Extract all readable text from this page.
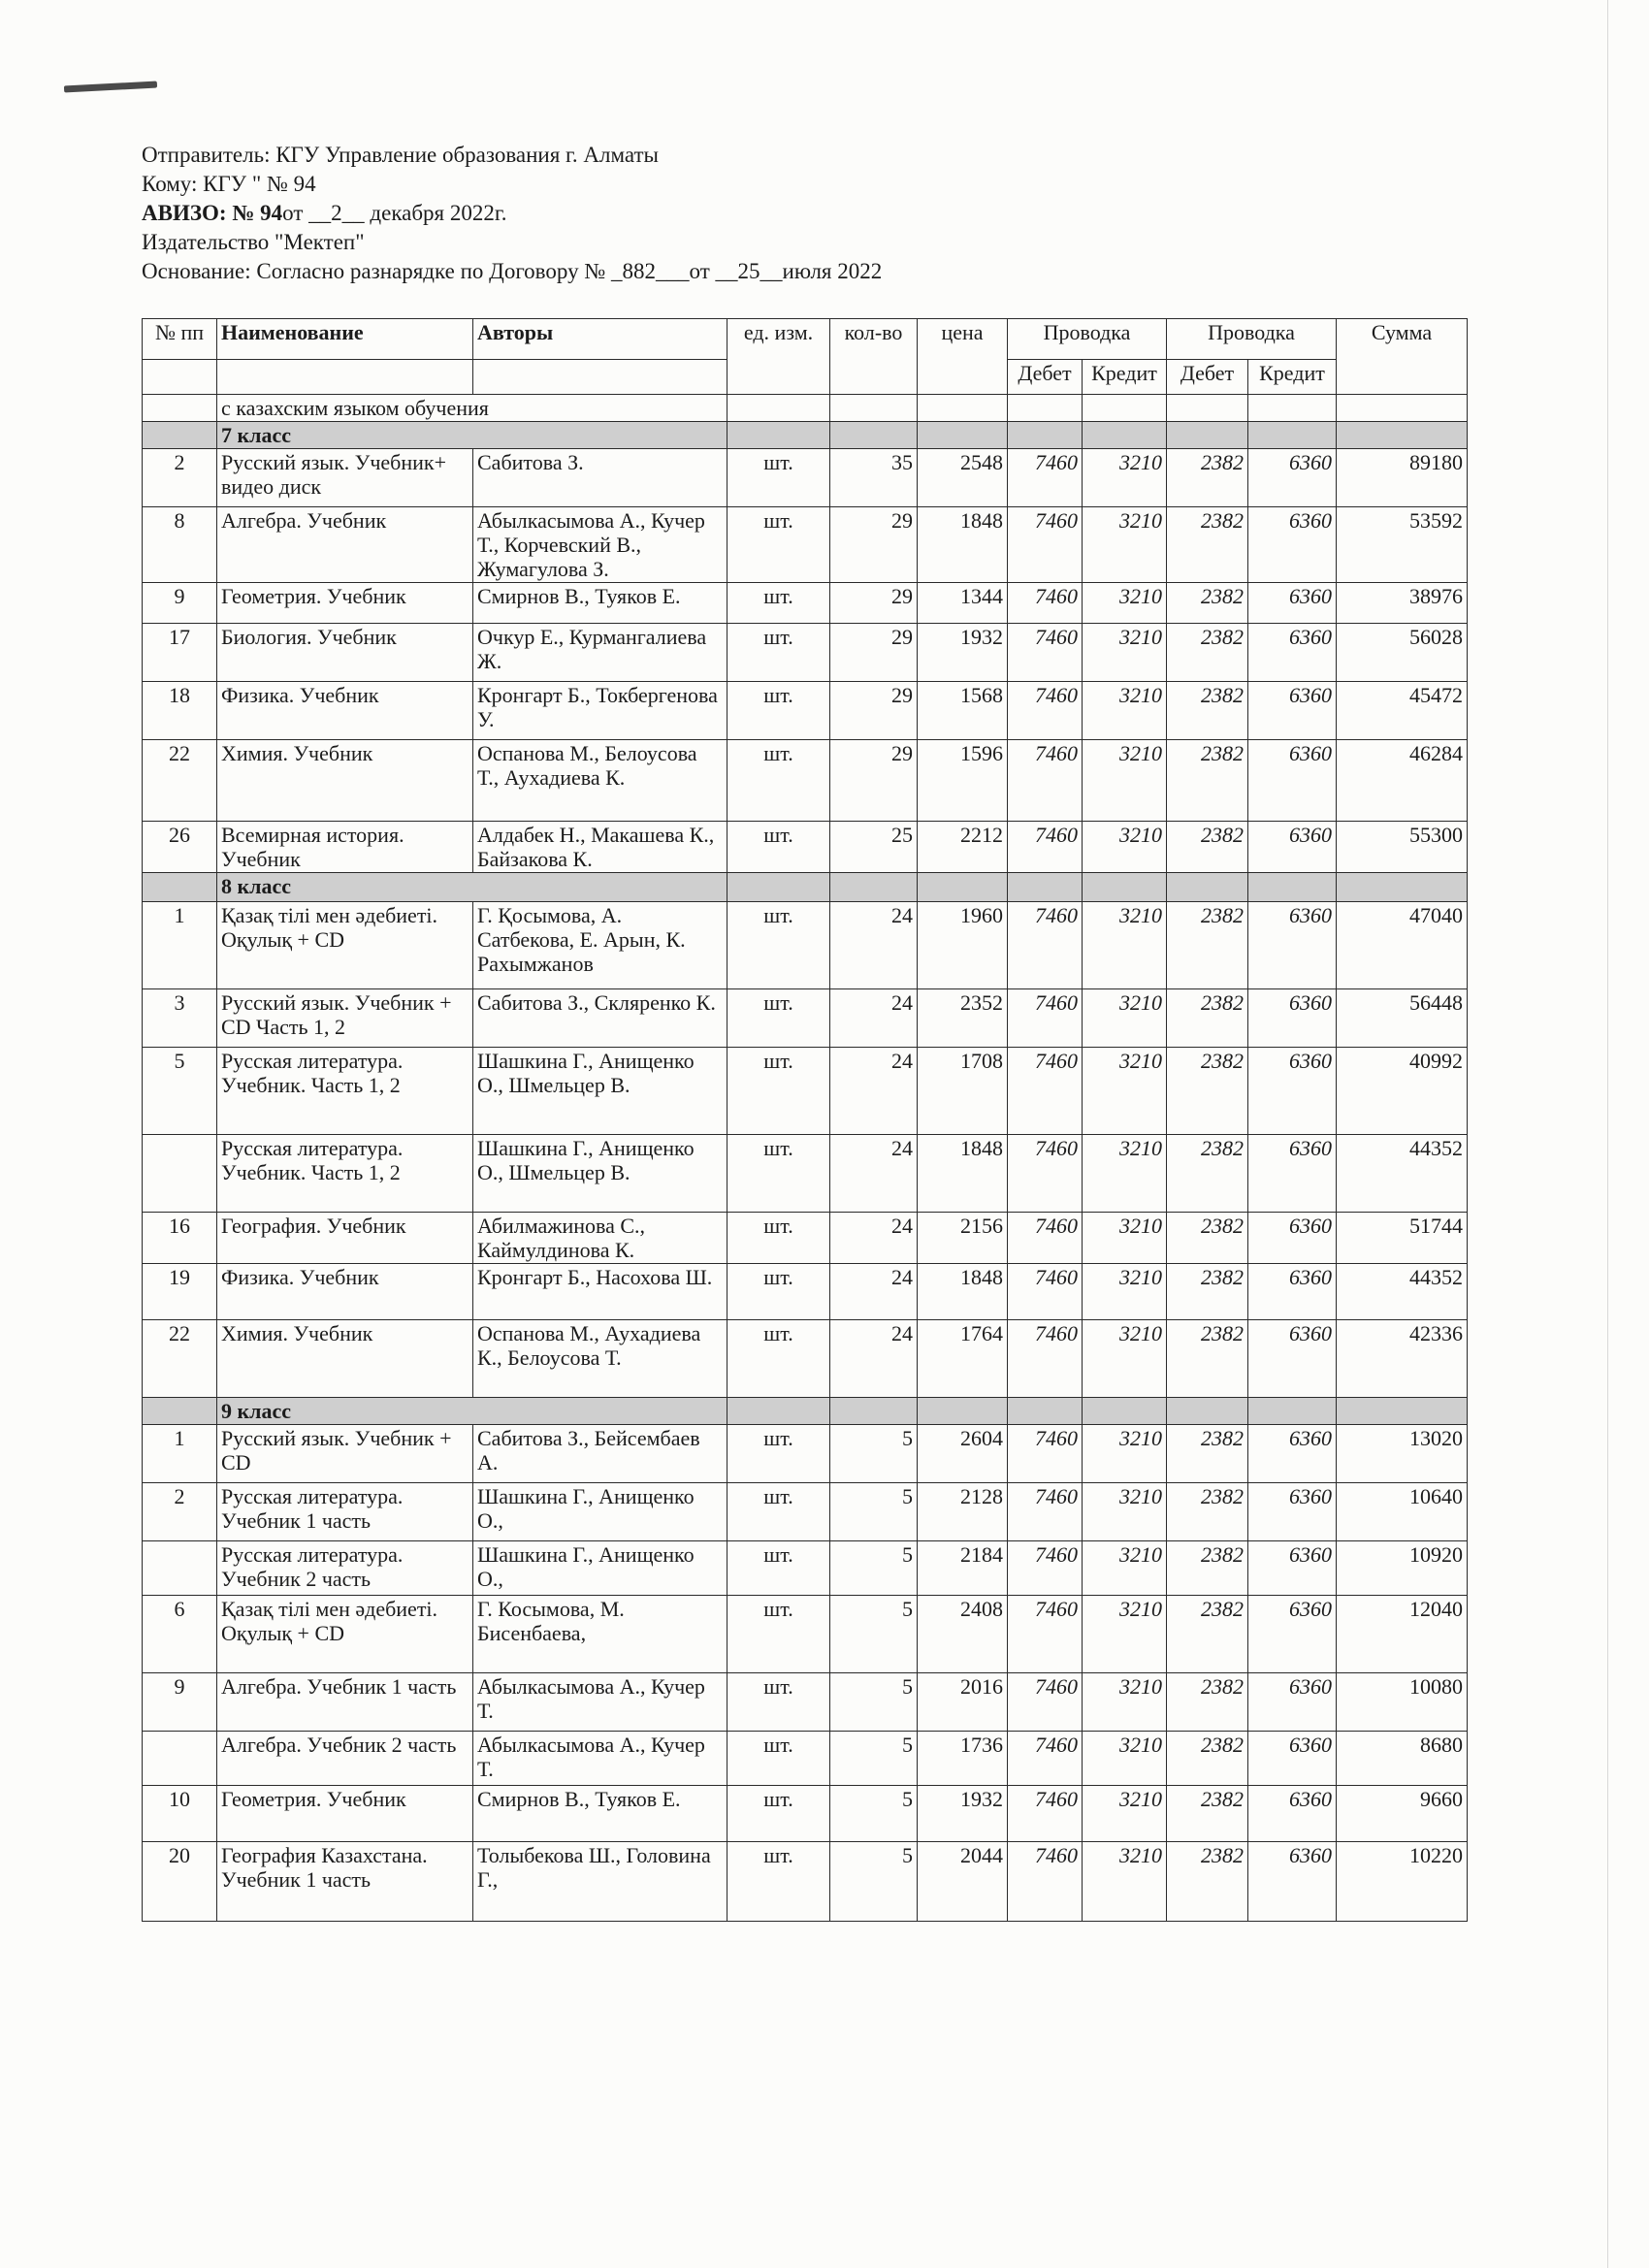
Отправитель: КГУ Управление образования г. Алматы
Кому: КГУ " № 94
АВИЗО: № 94от __2__ декабря 2022г.
Издательство "Мектеп"
Основание: Согласно разнарядке по Договору № _882___от __25__июля 2022
№ пп	Наименование	Авторы	ед. изм.	кол-во	цена	Проводка		Проводка		Сумма
						Дебет	Кредит	Дебет	Кредит	
	с казахским языком обучения									
	7 класс									
2	Русский язык. Учебник+ видео диск	Сабитова З.	шт.	35	2548	7460	3210	2382	6360	89180
8	Алгебра. Учебник	Абылкасымова А., Кучер Т., Корчевский В., Жумагулова З.	шт.	29	1848	7460	3210	2382	6360	53592
9	Геометрия. Учебник	Смирнов В., Туяков Е.	шт.	29	1344	7460	3210	2382	6360	38976
17	Биология. Учебник	Очкур Е., Курмангалиева Ж.	шт.	29	1932	7460	3210	2382	6360	56028
18	Физика. Учебник	Кронгарт Б., Токбергенова У.	шт.	29	1568	7460	3210	2382	6360	45472
22	Химия. Учебник	Оспанова М., Белоусова Т., Аухадиева К.	шт.	29	1596	7460	3210	2382	6360	46284
26	Всемирная история. Учебник	Алдабек Н., Макашева К., Байзакова К.	шт.	25	2212	7460	3210	2382	6360	55300
	8 класс									
1	Қазақ тілі мен әдебиеті. Оқулық + CD	Г. Қосымова, А. Сатбекова, Е. Арын, К. Рахымжанов	шт.	24	1960	7460	3210	2382	6360	47040
3	Русский язык. Учебник + CD Часть 1, 2	Сабитова З., Скляренко К.	шт.	24	2352	7460	3210	2382	6360	56448
5	Русская литература. Учебник. Часть 1, 2	Шашкина Г., Анищенко О., Шмельцер В.	шт.	24	1708	7460	3210	2382	6360	40992
	Русская литература. Учебник. Часть 1, 2	Шашкина Г., Анищенко О., Шмельцер В.	шт.	24	1848	7460	3210	2382	6360	44352
16	География. Учебник	Абилмажинова С., Каймулдинова К.	шт.	24	2156	7460	3210	2382	6360	51744
19	Физика. Учебник	Кронгарт Б., Насохова Ш.	шт.	24	1848	7460	3210	2382	6360	44352
22	Химия. Учебник	Оспанова М., Аухадиева К., Белоусова Т.	шт.	24	1764	7460	3210	2382	6360	42336
	9 класс									
1	Русский язык. Учебник + CD	Сабитова З., Бейсембаев А.	шт.	5	2604	7460	3210	2382	6360	13020
2	Русская литература. Учебник 1 часть	Шашкина Г., Анищенко О.,	шт.	5	2128	7460	3210	2382	6360	10640
	Русская литература. Учебник 2 часть	Шашкина Г., Анищенко О.,	шт.	5	2184	7460	3210	2382	6360	10920
6	Қазақ тілі мен әдебиеті. Оқулық + CD	Г. Косымова, М. Бисенбаева,	шт.	5	2408	7460	3210	2382	6360	12040
9	Алгебра. Учебник 1 часть	Абылкасымова А., Кучер Т.	шт.	5	2016	7460	3210	2382	6360	10080
	Алгебра. Учебник 2 часть	Абылкасымова А., Кучер Т.	шт.	5	1736	7460	3210	2382	6360	8680
10	Геометрия. Учебник	Смирнов В., Туяков Е.	шт.	5	1932	7460	3210	2382	6360	9660
20	География Казахстана. Учебник 1 часть	Толыбекова Ш., Головина Г.,	шт.	5	2044	7460	3210	2382	6360	10220
